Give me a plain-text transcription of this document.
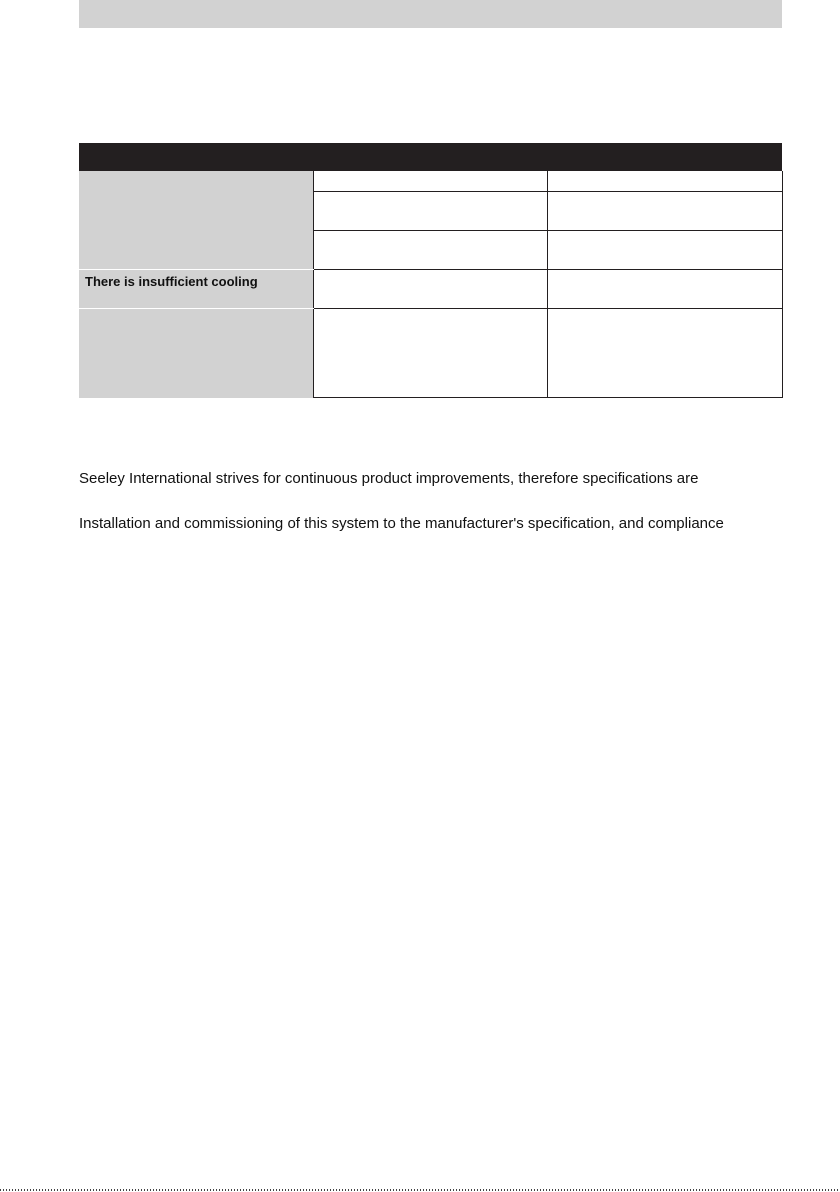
There is insufficient cooling		

Seeley International strives for continuous product improvements, therefore specifications are

Installation and commissioning of this system to the manufacturer's specification, and compliance
